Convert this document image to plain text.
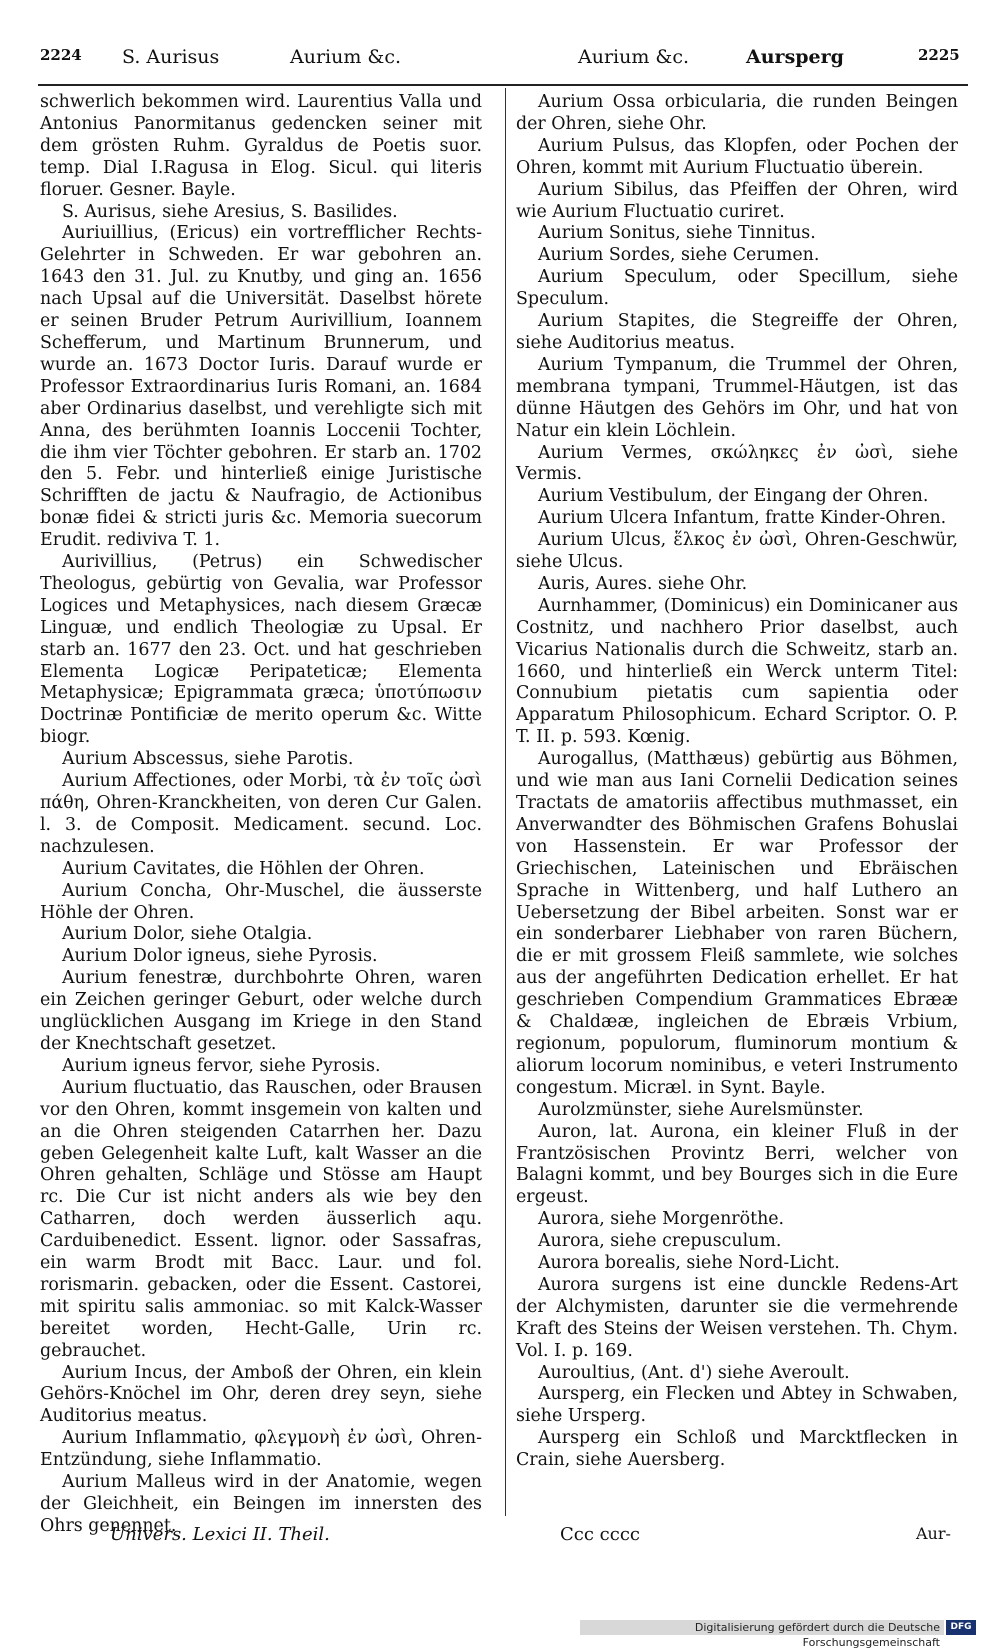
2224 S. Aurisus	Aurium &c.	Aurium &c.	Aursperg	2225

schwerlich bekommen wird. Laurentius Valla und Antonius Panormitanus gedencken seiner mit dem grösten Ruhm. Gyraldus de Poetis suor. temp. Dial I.Ragusa in Elog. Sicul. qui literis floruer. Gesner. Bayle.

S. Aurisus, siehe Aresius, S. Basilides.

Auriuillius, (Ericus) ein vortrefflicher Rechts-Gelehrter in Schweden. Er war gebohren an. 1643 den 31. Jul. zu Knutby, und ging an. 1656 nach Upsal auf die Universität. Daselbst hörete er seinen Bruder Petrum Aurivillium, Ioannem Schefferum, und Martinum Brunnerum, und wurde an. 1673 Doctor Iuris. Darauf wurde er Professor Extraordinarius Iuris Romani, an. 1684 aber Ordinarius daselbst, und verehligte sich mit Anna, des berühmten Ioannis Loccenii Tochter, die ihm vier Töchter gebohren. Er starb an. 1702 den 5. Febr. und hinterließ einige Juristische Schrifften de jactu & Naufragio, de Actionibus bonæ fidei & stricti juris &c. Memoria suecorum Erudit. rediviva T. 1.

Aurivillius, (Petrus) ein Schwedischer Theologus, gebürtig von Gevalia, war Professor Logices und Metaphysices, nach diesem Græcæ Linguæ, und endlich Theologiæ zu Upsal. Er starb an. 1677 den 23. Oct. und hat geschrieben Elementa Logicæ Peripateticæ; Elementa Metaphysicæ; Epigrammata græca; ὑποτύπωσιν Doctrinæ Pontificiæ de merito operum &c. Witte biogr.

Aurium Abscessus, siehe Parotis.

Aurium Affectiones, oder Morbi, τὰ ἐν τοῖς ὠσὶ πάθη, Ohren-Kranckheiten, von deren Cur Galen. l. 3. de Composit. Medicament. secund. Loc. nachzulesen.

Aurium Cavitates, die Höhlen der Ohren.

Aurium Concha, Ohr-Muschel, die äusserste Höhle der Ohren.

Aurium Dolor, siehe Otalgia.

Aurium Dolor igneus, siehe Pyrosis.

Aurium fenestræ, durchbohrte Ohren, waren ein Zeichen geringer Geburt, oder welche durch unglücklichen Ausgang im Kriege in den Stand der Knechtschaft gesetzet.

Aurium igneus fervor, siehe Pyrosis.

Aurium fluctuatio, das Rauschen, oder Brausen vor den Ohren, kommt insgemein von kalten und an die Ohren steigenden Catarrhen her. Dazu geben Gelegenheit kalte Luft, kalt Wasser an die Ohren gehalten, Schläge und Stösse am Haupt rc. Die Cur ist nicht anders als wie bey den Catharren, doch werden äusserlich aqu. Carduibenedict. Essent. lignor. oder Sassafras, ein warm Brodt mit Bacc. Laur. und fol. rorismarin. gebacken, oder die Essent. Castorei, mit spiritu salis ammoniac. so mit Kalck-Wasser bereitet worden, Hecht-Galle, Urin rc. gebrauchet.

Aurium Incus, der Amboß der Ohren, ein klein Gehörs-Knöchel im Ohr, deren drey seyn, siehe Auditorius meatus.

Aurium Inflammatio, φλεγμονὴ ἐν ὠσὶ, Ohren-Entzündung, siehe Inflammatio.

Aurium Malleus wird in der Anatomie, wegen der Gleichheit, ein Beingen im innersten des Ohrs genennet.

Aurium Ossa orbicularia, die runden Beingen der Ohren, siehe Ohr.

Aurium Pulsus, das Klopfen, oder Pochen der Ohren, kommt mit Aurium Fluctuatio überein.

Aurium Sibilus, das Pfeiffen der Ohren, wird wie Aurium Fluctuatio curiret.

Aurium Sonitus, siehe Tinnitus.

Aurium Sordes, siehe Cerumen.

Aurium Speculum, oder Specillum, siehe Speculum.

Aurium Stapites, die Stegreiffe der Ohren, siehe Auditorius meatus.

Aurium Tympanum, die Trummel der Ohren, membrana tympani, Trummel-Häutgen, ist das dünne Häutgen des Gehörs im Ohr, und hat von Natur ein klein Löchlein.

Aurium Vermes, σκώληκες ἐν ὠσὶ, siehe Vermis.

Aurium Vestibulum, der Eingang der Ohren.

Aurium Ulcera Infantum, fratte Kinder-Ohren.

Aurium Ulcus, ἕλκος ἐν ὠσὶ, Ohren-Geschwür, siehe Ulcus.

Auris, Aures. siehe Ohr.

Aurnhammer, (Dominicus) ein Dominicaner aus Costnitz, und nachhero Prior daselbst, auch Vicarius Nationalis durch die Schweitz, starb an. 1660, und hinterließ ein Werck unterm Titel: Connubium pietatis cum sapientia oder Apparatum Philosophicum. Echard Scriptor. O. P. T. II. p. 593. Kœnig.

Aurogallus, (Matthæus) gebürtig aus Böhmen, und wie man aus Iani Cornelii Dedication seines Tractats de amatoriis affectibus muthmasset, ein Anverwandter des Böhmischen Grafens Bohuslai von Hassenstein. Er war Professor der Griechischen, Lateinischen und Ebräischen Sprache in Wittenberg, und half Luthero an Uebersetzung der Bibel arbeiten. Sonst war er ein sonderbarer Liebhaber von raren Büchern, die er mit grossem Fleiß sammlete, wie solches aus der angeführten Dedication erhellet. Er hat geschrieben Compendium Grammatices Ebrææ & Chaldææ, ingleichen de Ebræis Vrbium, regionum, populorum, fluminorum montium & aliorum locorum nominibus, e veteri Instrumento congestum. Micræl. in Synt. Bayle.

Aurolzmünster, siehe Aurelsmünster.

Auron, lat. Aurona, ein kleiner Fluß in der Frantzösischen Provintz Berri, welcher von Balagni kommt, und bey Bourges sich in die Eure ergeust.

Aurora, siehe Morgenröthe.

Aurora, siehe crepusculum.

Aurora borealis, siehe Nord-Licht.

Aurora surgens ist eine dunckle Redens-Art der Alchymisten, darunter sie die vermehrende Kraft des Steins der Weisen verstehen. Th. Chym. Vol. I. p. 169.

Auroultius, (Ant. d') siehe Averoult.

Aursperg, ein Flecken und Abtey in Schwaben, siehe Ursperg.

Aursperg ein Schloß und Marcktflecken in Crain, siehe Auersberg.

Univers. Lexici II. Theil.	Ccc cccc	Aur-
Digitalisierung gefördert durch die Deutsche Forschungsgemeinschaft
DFG
